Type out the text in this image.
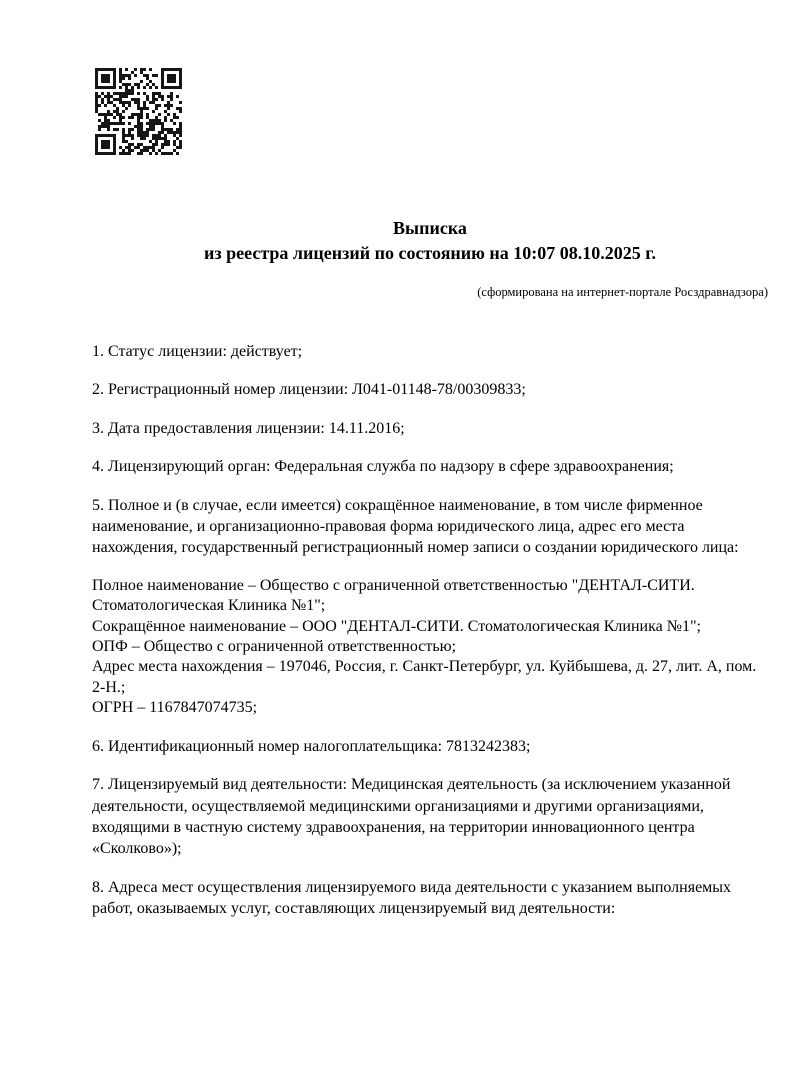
Выписка
из реестра лицензий по состоянию на 10:07 08.10.2025 г.
(сформирована на интернет-портале Росздравнадзора)

1. Статус лицензии: действует;

2. Регистрационный номер лицензии: Л041-01148-78/00309833;

3. Дата предоставления лицензии: 14.11.2016;

4. Лицензирующий орган: Федеральная служба по надзору в сфере здравоохранения;

5. Полное и (в случае, если имеется) сокращённое наименование, в том числе фирменное наименование, и организационно-правовая форма юридического лица, адрес его места нахождения, государственный регистрационный номер записи о создании юридического лица:

Полное наименование – Общество с ограниченной ответственностью "ДЕНТАЛ-СИТИ. Стоматологическая Клиника №1";

Сокращённое наименование – ООО "ДЕНТАЛ-СИТИ. Стоматологическая Клиника №1";

ОПФ – Общество с ограниченной ответственностью;

Адрес места нахождения – 197046, Россия, г. Санкт-Петербург, ул. Куйбышева, д. 27, лит. А, пом. 2-Н.;

ОГРН – 1167847074735;

6. Идентификационный номер налогоплательщика: 7813242383;

7. Лицензируемый вид деятельности: Медицинская деятельность (за исключением указанной деятельности, осуществляемой медицинскими организациями и другими организациями, входящими в частную систему здравоохранения, на территории инновационного центра «Сколково»);

8. Адреса мест осуществления лицензируемого вида деятельности с указанием выполняемых работ, оказываемых услуг, составляющих лицензируемый вид деятельности:
